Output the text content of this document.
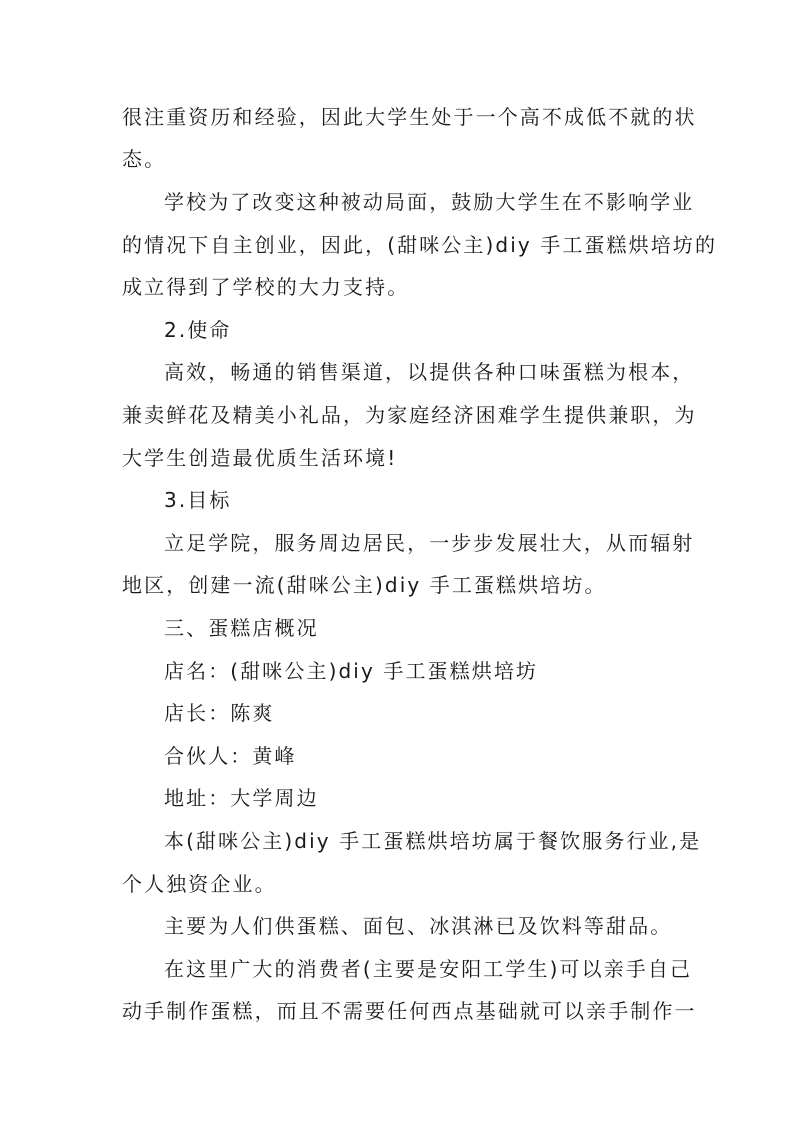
很注重资历和经验，因此大学生处于一个高不成低不就的状
态。
学校为了改变这种被动局面，鼓励大学生在不影响学业
的情况下自主创业，因此，(甜咪公主)diy 手工蛋糕烘培坊的
成立得到了学校的大力支持。
2.使命
高效，畅通的销售渠道，以提供各种口味蛋糕为根本，
兼卖鲜花及精美小礼品，为家庭经济困难学生提供兼职，为
大学生创造最优质生活环境!
3.目标
立足学院，服务周边居民，一步步发展壮大，从而辐射
地区，创建一流(甜咪公主)diy 手工蛋糕烘培坊。
三、蛋糕店概况
店名：(甜咪公主)diy 手工蛋糕烘培坊
店长：陈爽
合伙人：黄峰
地址：大学周边
本(甜咪公主)diy 手工蛋糕烘培坊属于餐饮服务行业,是
个人独资企业。
主要为人们供蛋糕、面包、冰淇淋已及饮料等甜品。
在这里广大的消费者(主要是安阳工学生)可以亲手自己
动手制作蛋糕，而且不需要任何西点基础就可以亲手制作一
